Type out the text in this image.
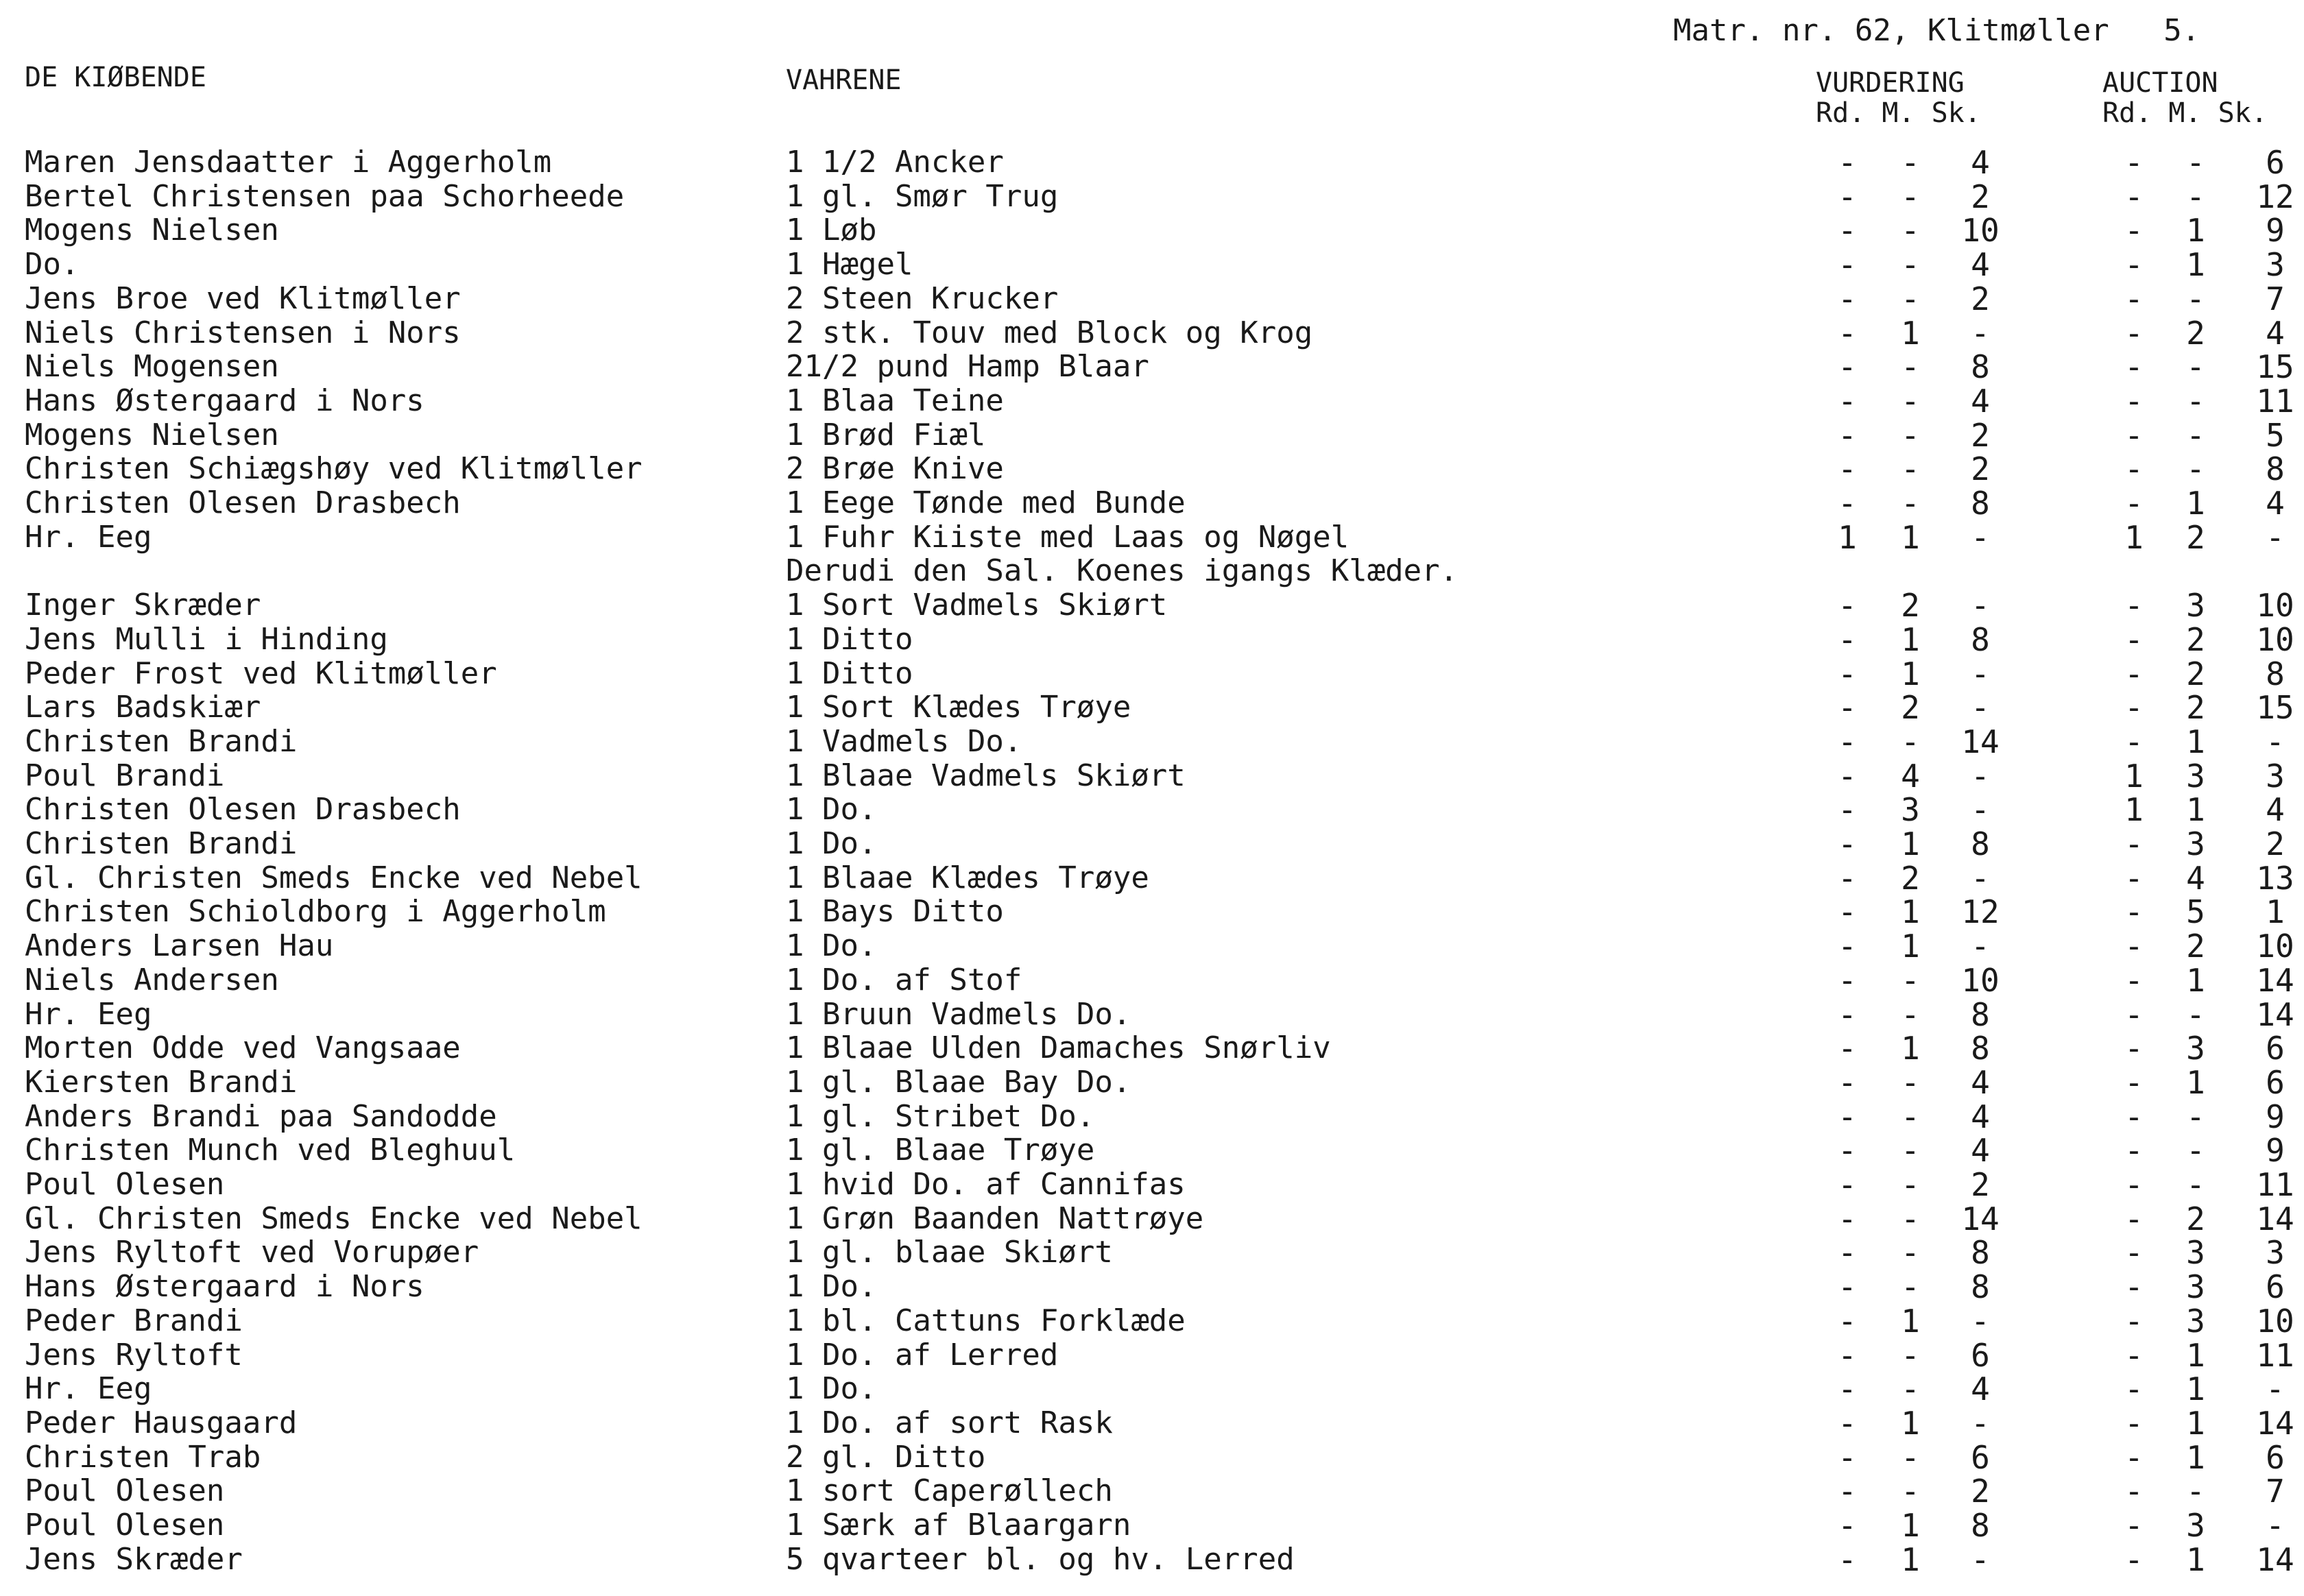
Matr. nr. 62, Klitmøller   5.
DE KIØBENDE	VAHRENE	VURDERING	AUCTION
Rd. M. Sk.	Rd. M. Sk.
Maren Jensdaatter i Aggerholm	1 1/2 Ancker	-	-	4	-	-	6
Bertel Christensen paa Schorheede	1 gl. Smør Trug	-	-	2	-	-	12
Mogens Nielsen	1 Løb	-	-	10	-	1	9
Do.	1 Hægel	-	-	4	-	1	3
Jens Broe ved Klitmøller	2 Steen Krucker	-	-	2	-	-	7
Niels Christensen i Nors	2 stk. Touv med Block og Krog	-	1	-	-	2	4
Niels Mogensen	21/2 pund Hamp Blaar	-	-	8	-	-	15
Hans Østergaard i Nors	1 Blaa Teine	-	-	4	-	-	11
Mogens Nielsen	1 Brød Fiæl	-	-	2	-	-	5
Christen Schiægshøy ved Klitmøller	2 Brøe Knive	-	-	2	-	-	8
Christen Olesen Drasbech	1 Eege Tønde med Bunde	-	-	8	-	1	4
Hr. Eeg	1 Fuhr Kiiste med Laas og Nøgel	1	1	-	1	2	-
Derudi den Sal. Koenes igangs Klæder.
Inger Skræder	1 Sort Vadmels Skiørt	-	2	-	-	3	10
Jens Mulli i Hinding	1 Ditto	-	1	8	-	2	10
Peder Frost ved Klitmøller	1 Ditto	-	1	-	-	2	8
Lars Badskiær	1 Sort Klædes Trøye	-	2	-	-	2	15
Christen Brandi	1 Vadmels Do.	-	-	14	-	1	-
Poul Brandi	1 Blaae Vadmels Skiørt	-	4	-	1	3	3
Christen Olesen Drasbech	1 Do.	-	3	-	1	1	4
Christen Brandi	1 Do.	-	1	8	-	3	2
Gl. Christen Smeds Encke ved Nebel	1 Blaae Klædes Trøye	-	2	-	-	4	13
Christen Schioldborg i Aggerholm	1 Bays Ditto	-	1	12	-	5	1
Anders Larsen Hau	1 Do.	-	1	-	-	2	10
Niels Andersen	1 Do. af Stof	-	-	10	-	1	14
Hr. Eeg	1 Bruun Vadmels Do.	-	-	8	-	-	14
Morten Odde ved Vangsaae	1 Blaae Ulden Damaches Snørliv	-	1	8	-	3	6
Kiersten Brandi	1 gl. Blaae Bay Do.	-	-	4	-	1	6
Anders Brandi paa Sandodde	1 gl. Stribet Do.	-	-	4	-	-	9
Christen Munch ved Bleghuul	1 gl. Blaae Trøye	-	-	4	-	-	9
Poul Olesen	1 hvid Do. af Cannifas	-	-	2	-	-	11
Gl. Christen Smeds Encke ved Nebel	1 Grøn Baanden Nattrøye	-	-	14	-	2	14
Jens Ryltoft ved Vorupøer	1 gl. blaae Skiørt	-	-	8	-	3	3
Hans Østergaard i Nors	1 Do.	-	-	8	-	3	6
Peder Brandi	1 bl. Cattuns Forklæde	-	1	-	-	3	10
Jens Ryltoft	1 Do. af Lerred	-	-	6	-	1	11
Hr. Eeg	1 Do.	-	-	4	-	1	-
Peder Hausgaard	1 Do. af sort Rask	-	1	-	-	1	14
Christen Trab	2 gl. Ditto	-	-	6	-	1	6
Poul Olesen	1 sort Caperøllech	-	-	2	-	-	7
Poul Olesen	1 Særk af Blaargarn	-	1	8	-	3	-
Jens Skræder	5 qvarteer bl. og hv. Lerred	-	1	-	-	1	14
